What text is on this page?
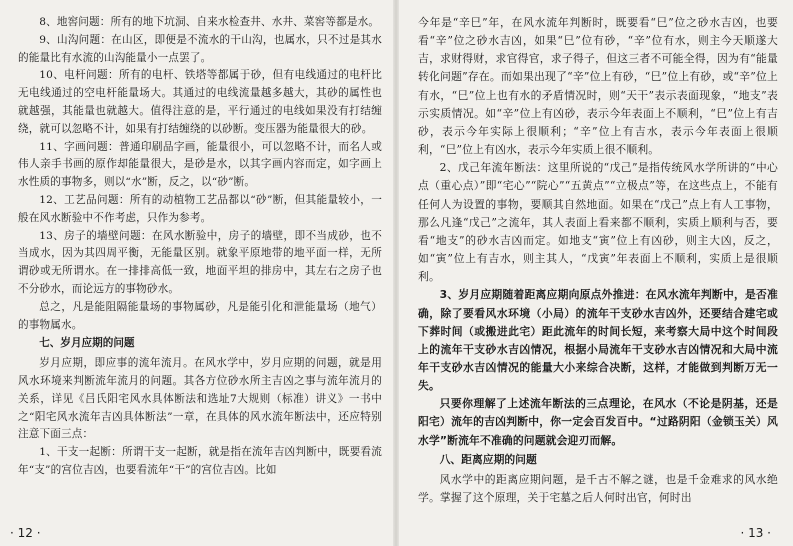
8、地窖问题：所有的地下坑洞、自来水检查井、水井、菜窖等都是水。

9、山沟问题：在山区，即便是不流水的干山沟，也属水，只不过是其水的能量比有水流的山沟能量小一点罢了。

10、电杆问题：所有的电杆、铁塔等都属于砂，但有电线通过的电杆比无电线通过的空电杆能量场大。其通过的电线流量越多越大，其砂的属性也就越强，其能量也就越大。值得注意的是，平行通过的电线如果没有打结缠绕，就可以忽略不计，如果有打结缠绕的以砂断。变压器为能量很大的砂。

11、字画问题：普通印刷品字画，能量很小，可以忽略不计，而名人或伟人亲手书画的原作却能量很大，是砂是水，以其字画内容而定，如字画上水性质的事物多，则以“水”断，反之，以“砂”断。

12、工艺品问题：所有的动植物工艺品都以“砂”断，但其能量较小，一般在风水断验中不作考虑，只作为参考。

13、房子的墙壁问题：在风水断验中，房子的墙壁，即不当成砂，也不当成水，因为其四周平衡，无能量区别。就象平原地带的地平面一样，无所谓砂或无所谓水。在一排排高低一致，地面平坦的排房中，其左右之房子也不分砂水，而论远方的事物砂水。

总之，凡是能阻隔能量场的事物属砂，凡是能引化和泄能量场（地气）的事物属水。

七、岁月应期的问题

岁月应期，即应事的流年流月。在风水学中，岁月应期的问题，就是用风水环境来判断流年流月的问题。其各方位砂水所主吉凶之事与流年流月的关系，详见《吕氏阳宅风水具体断法和选址7大规则（标准）讲义》一书中之“阳宅风水流年吉凶具体断法”一章，在具体的风水流年断法中，还应特别注意下面三点：

1、干支一起断：所谓干支一起断，就是指在流年吉凶判断中，既要看流年“支”的宫位吉凶，也要看流年“干”的宫位吉凶。比如

· 12 ·

今年是“辛巳”年，在风水流年判断时，既要看“巳”位之砂水吉凶，也要看“辛”位之砂水吉凶，如果“巳”位有砂，“辛”位有水，则主今天顺遂大吉，求财得财，求官得官，求子得子，但这三者不可能全得，因为有“能量转化问题”存在。而如果出现了“辛”位上有砂，“巳”位上有砂，或“辛”位上有水，“巳”位上也有水的矛盾情况时，则“天干”表示表面现象，“地支”表示实质情况。如“辛”位上有凶砂，表示今年表面上不顺利，“巳”位上有吉砂，表示今年实际上很顺利；“辛”位上有吉水，表示今年表面上很顺利，“巳”位上有凶水，表示今年实质上很不顺利。

2、戊己年流年断法：这里所说的“戊己”是指传统风水学所讲的“中心点（重心点）”即“宅心”“院心”“五黄点”“立极点”等，在这些点上，不能有任何人为设置的事物，要顺其自然地面。如果在“戊己”点上有人工事物，那么凡逢“戊己”之流年，其人表面上看来都不顺利，实质上顺利与否，要看“地支”的砂水吉凶而定。如地支“寅”位上有凶砂，则主大凶，反之，如“寅”位上有吉水，则主其人，“戊寅”年表面上不顺利，实质上是很顺利。

3、岁月应期随着距离应期向原点外推进：在风水流年判断中，是否准确，除了要看风水环境（小局）的流年干支砂水吉凶外，还要结合建宅或下葬时间（或搬进此宅）距此流年的时间长短，来考察大局中这个时间段上的流年干支砂水吉凶情况，根据小局流年干支砂水吉凶情况和大局中流年干支砂水吉凶情况的能量大小来综合决断，这样，才能做到判断万无一失。

只要你理解了上述流年断法的三点理论，在风水（不论是阴基，还是阳宅）流年的吉凶判断中，你一定会百发百中。“过路阴阳（金锁玉关）风水学”断流年不准确的问题就会迎刃而解。

八、距离应期的问题

风水学中的距离应期问题，是千古不解之谜，也是千金难求的风水绝学。掌握了这个原理，关于宅墓之后人何时出官，何时出

· 13 ·
